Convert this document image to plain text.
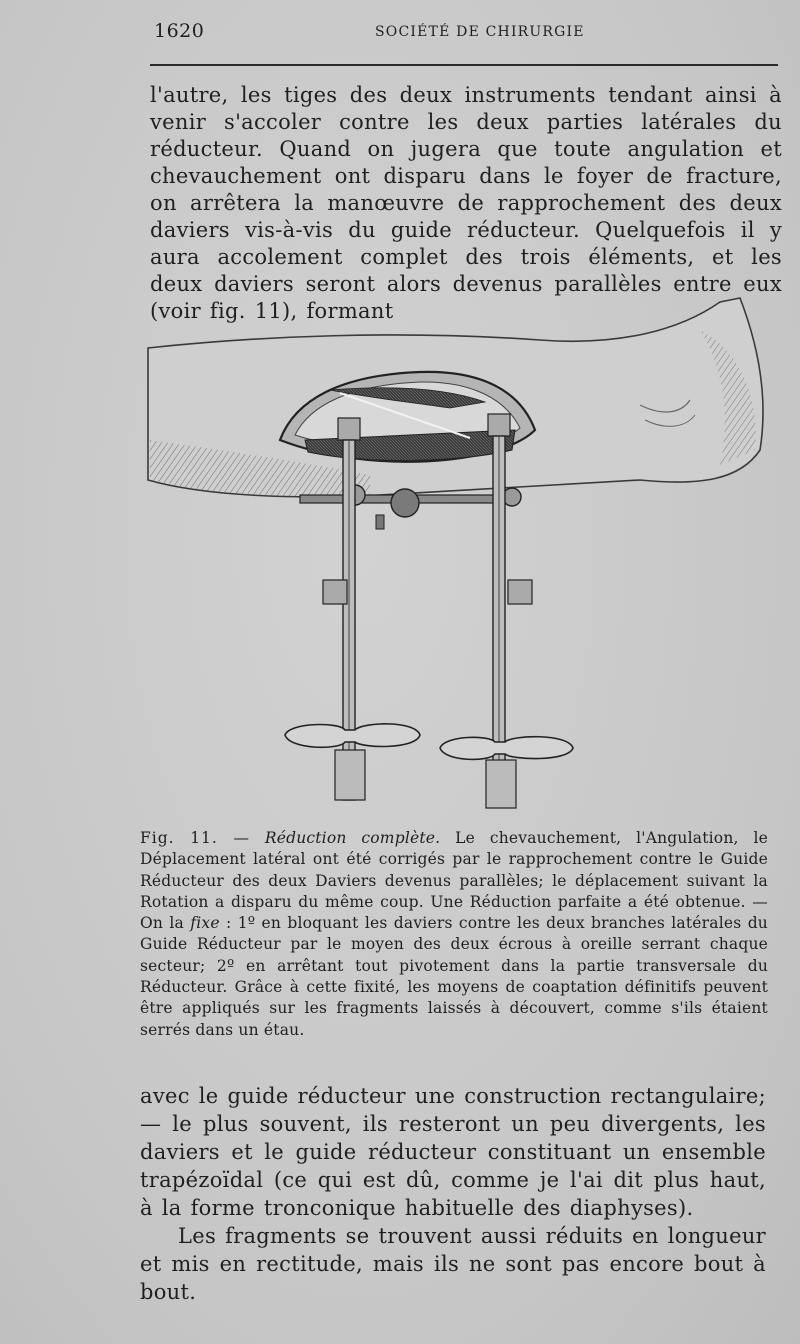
1620	SOCIÉTÉ DE CHIRURGIE

l'autre, les tiges des deux instruments tendant ainsi à venir s'accoler contre les deux parties latérales du réducteur. Quand on jugera que toute angulation et chevauchement ont disparu dans le foyer de fracture, on arrêtera la manœuvre de rapprochement des deux daviers vis-à-vis du guide réducteur. Quelquefois il y aura accolement complet des trois éléments, et les deux daviers seront alors devenus parallèles entre eux (voir fig. 11), formant

Fig. 11. — Réduction complète. Le chevauchement, l'Angulation, le Déplacement latéral ont été corrigés par le rapprochement contre le Guide Réducteur des deux Daviers devenus parallèles; le déplacement suivant la Rotation a disparu du même coup. Une Réduction parfaite a été obtenue. — On la fixe : 1º en bloquant les daviers contre les deux branches latérales du Guide Réducteur par le moyen des deux écrous à oreille serrant chaque secteur; 2º en arrêtant tout pivotement dans la partie transversale du Réducteur. Grâce à cette fixité, les moyens de coaptation définitifs peuvent être appliqués sur les fragments laissés à découvert, comme s'ils étaient serrés dans un étau.

avec le guide réducteur une construction rectangulaire; — le plus souvent, ils resteront un peu divergents, les daviers et le guide réducteur constituant un ensemble trapézoïdal (ce qui est dû, comme je l'ai dit plus haut, à la forme tronconique habituelle des diaphyses).

Les fragments se trouvent aussi réduits en longueur et mis en rectitude, mais ils ne sont pas encore bout à bout.
